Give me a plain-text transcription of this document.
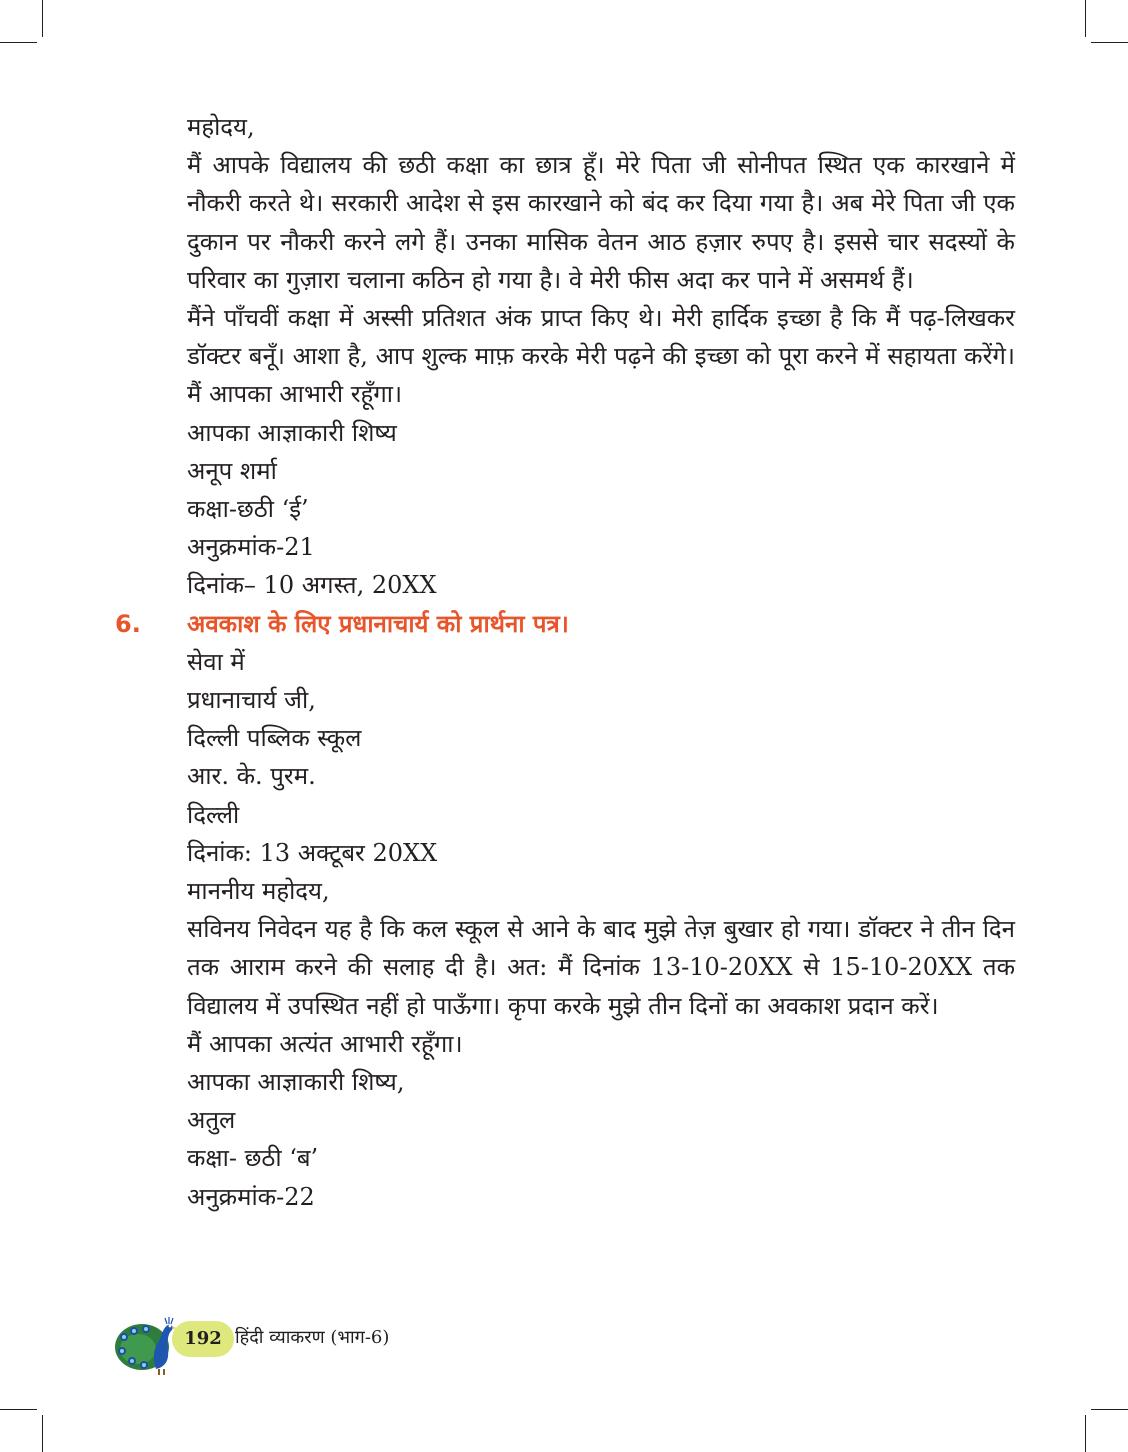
महोदय,
मैं आपके विद्यालय की छठी कक्षा का छात्र हूँ। मेरे पिता जी सोनीपत स्थित एक कारखाने में नौकरी करते थे। सरकारी आदेश से इस कारखाने को बंद कर दिया गया है। अब मेरे पिता जी एक दुकान पर नौकरी करने लगे हैं। उनका मासिक वेतन आठ हज़ार रुपए है। इससे चार सदस्यों के परिवार का गुज़ारा चलाना कठिन हो गया है। वे मेरी फीस अदा कर पाने में असमर्थ हैं।
मैंने पाँचवीं कक्षा में अस्सी प्रतिशत अंक प्राप्त किए थे। मेरी हार्दिक इच्छा है कि मैं पढ़-लिखकर डॉक्टर बनूँ। आशा है, आप शुल्क माफ़ करके मेरी पढ़ने की इच्छा को पूरा करने में सहायता करेंगे। मैं आपका आभारी रहूँगा।
आपका आज्ञाकारी शिष्य
अनूप शर्मा
कक्षा-छठी ‘ई’
अनुक्रमांक-21
दिनांक– 10 अगस्त, 20XX
6. अवकाश के लिए प्रधानाचार्य को प्रार्थना पत्र।
सेवा में
प्रधानाचार्य जी,
दिल्ली पब्लिक स्कूल
आर. के. पुरम.
दिल्ली
दिनांक: 13 अक्टूबर 20XX
माननीय महोदय,
सविनय निवेदन यह है कि कल स्कूल से आने के बाद मुझे तेज़ बुखार हो गया। डॉक्टर ने तीन दिन तक आराम करने की सलाह दी है। अत: मैं दिनांक 13-10-20XX से 15-10-20XX तक विद्यालय में उपस्थित नहीं हो पाऊँगा। कृपा करके मुझे तीन दिनों का अवकाश प्रदान करें।
मैं आपका अत्यंत आभारी रहूँगा।
आपका आज्ञाकारी शिष्य,
अतुल
कक्षा- छठी ‘ब’
अनुक्रमांक-22
192 हिंदी व्याकरण (भाग-6)
